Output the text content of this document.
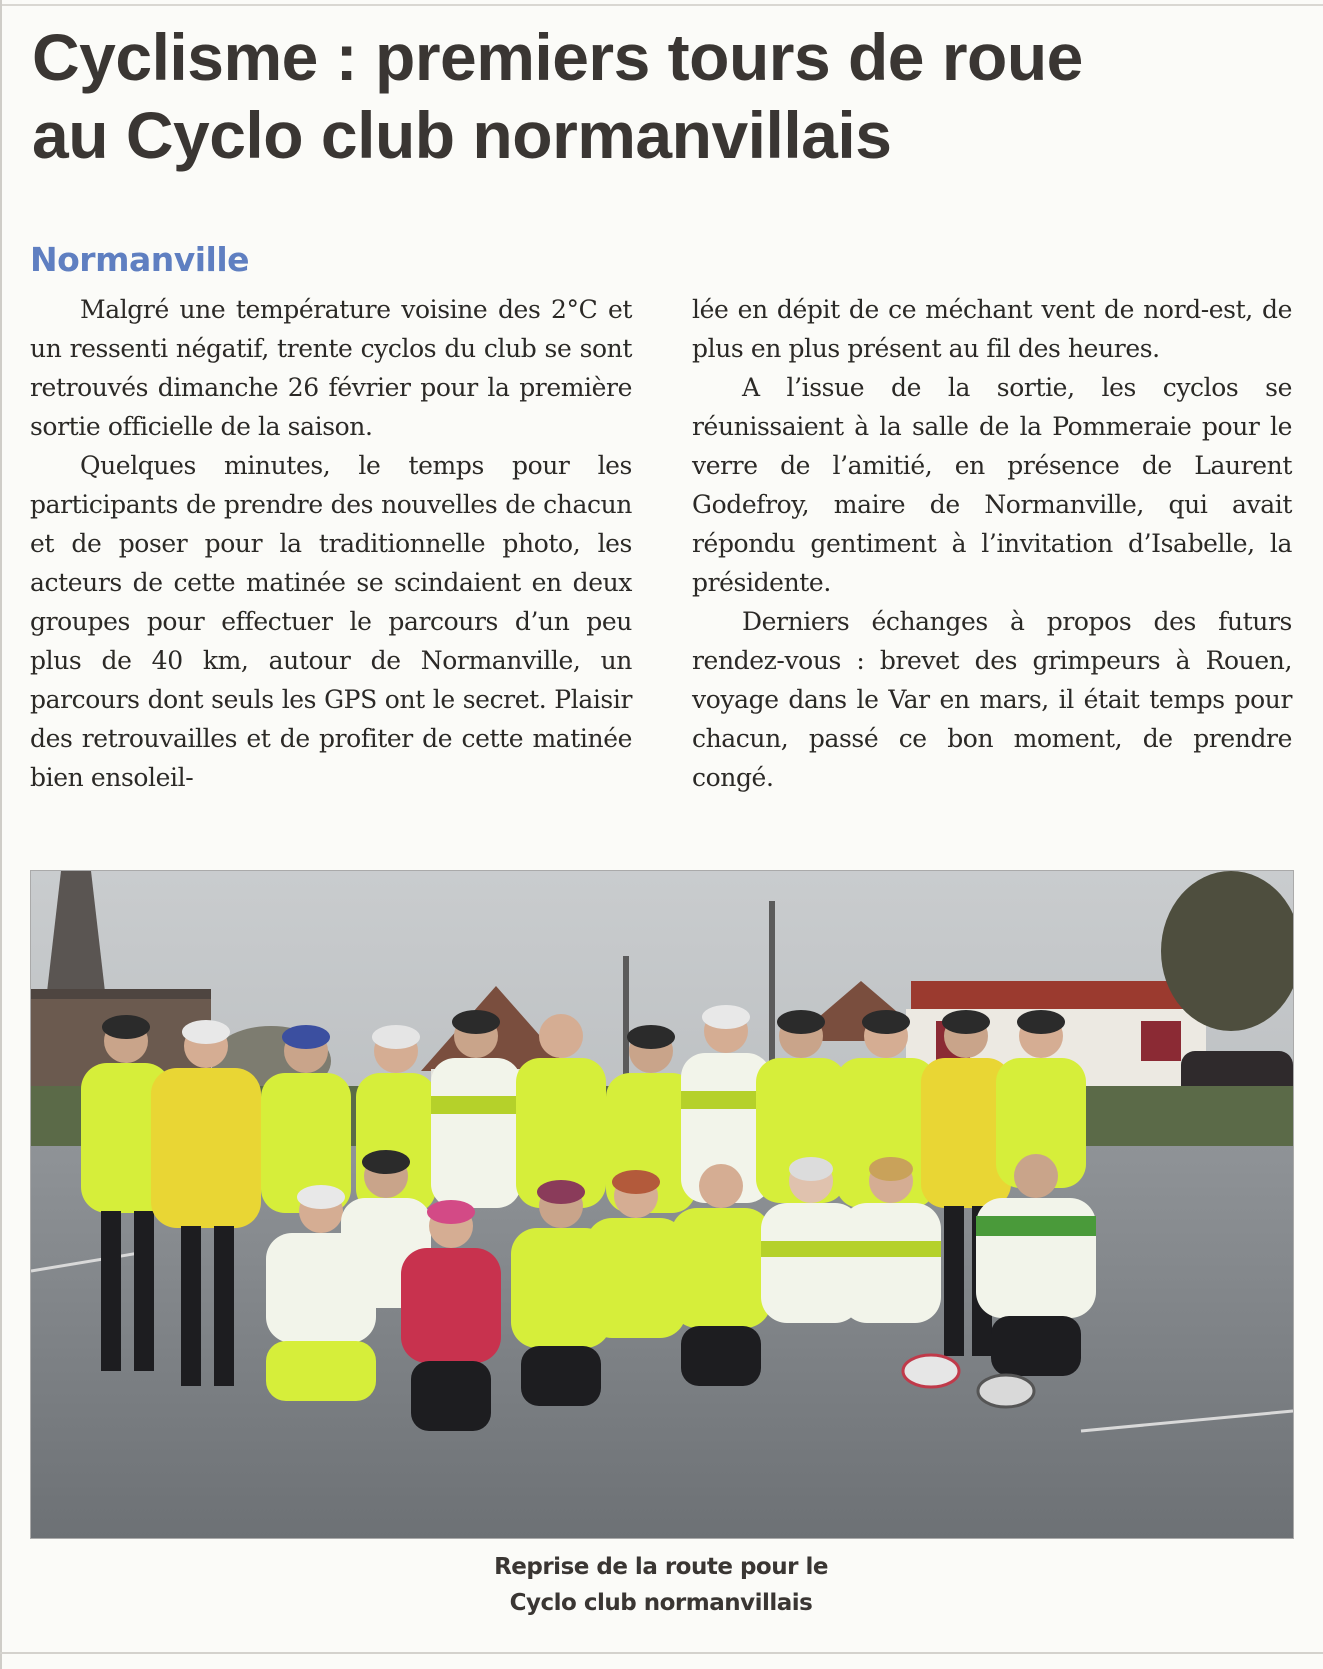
Cyclisme : premiers tours de roue
au Cyclo club normanvillais
Normanville

Malgré une température voisine des 2°C et un ressenti négatif, trente cyclos du club se sont retrouvés dimanche 26 février pour la première sortie officielle de la saison.

Quelques minutes, le temps pour les participants de prendre des nouvelles de chacun et de poser pour la traditionnelle photo, les acteurs de cette matinée se scindaient en deux groupes pour effectuer le parcours d’un peu plus de 40 km, autour de Normanville, un parcours dont seuls les GPS ont le secret. Plaisir des retrouvailles et de profiter de cette matinée bien ensoleil-

lée en dépit de ce méchant vent de nord-est, de plus en plus présent au fil des heures.

A l’issue de la sortie, les cyclos se réunissaient à la salle de la Pommeraie pour le verre de l’amitié, en présence de Laurent Godefroy, maire de Normanville, qui avait répondu gentiment à l’invitation d’Isabelle, la présidente.

Derniers échanges à propos des futurs rendez-vous : brevet des grimpeurs à Rouen, voyage dans le Var en mars, il était temps pour chacun, passé ce bon moment, de prendre congé.

Reprise de la route pour le
Cyclo club normanvillais
